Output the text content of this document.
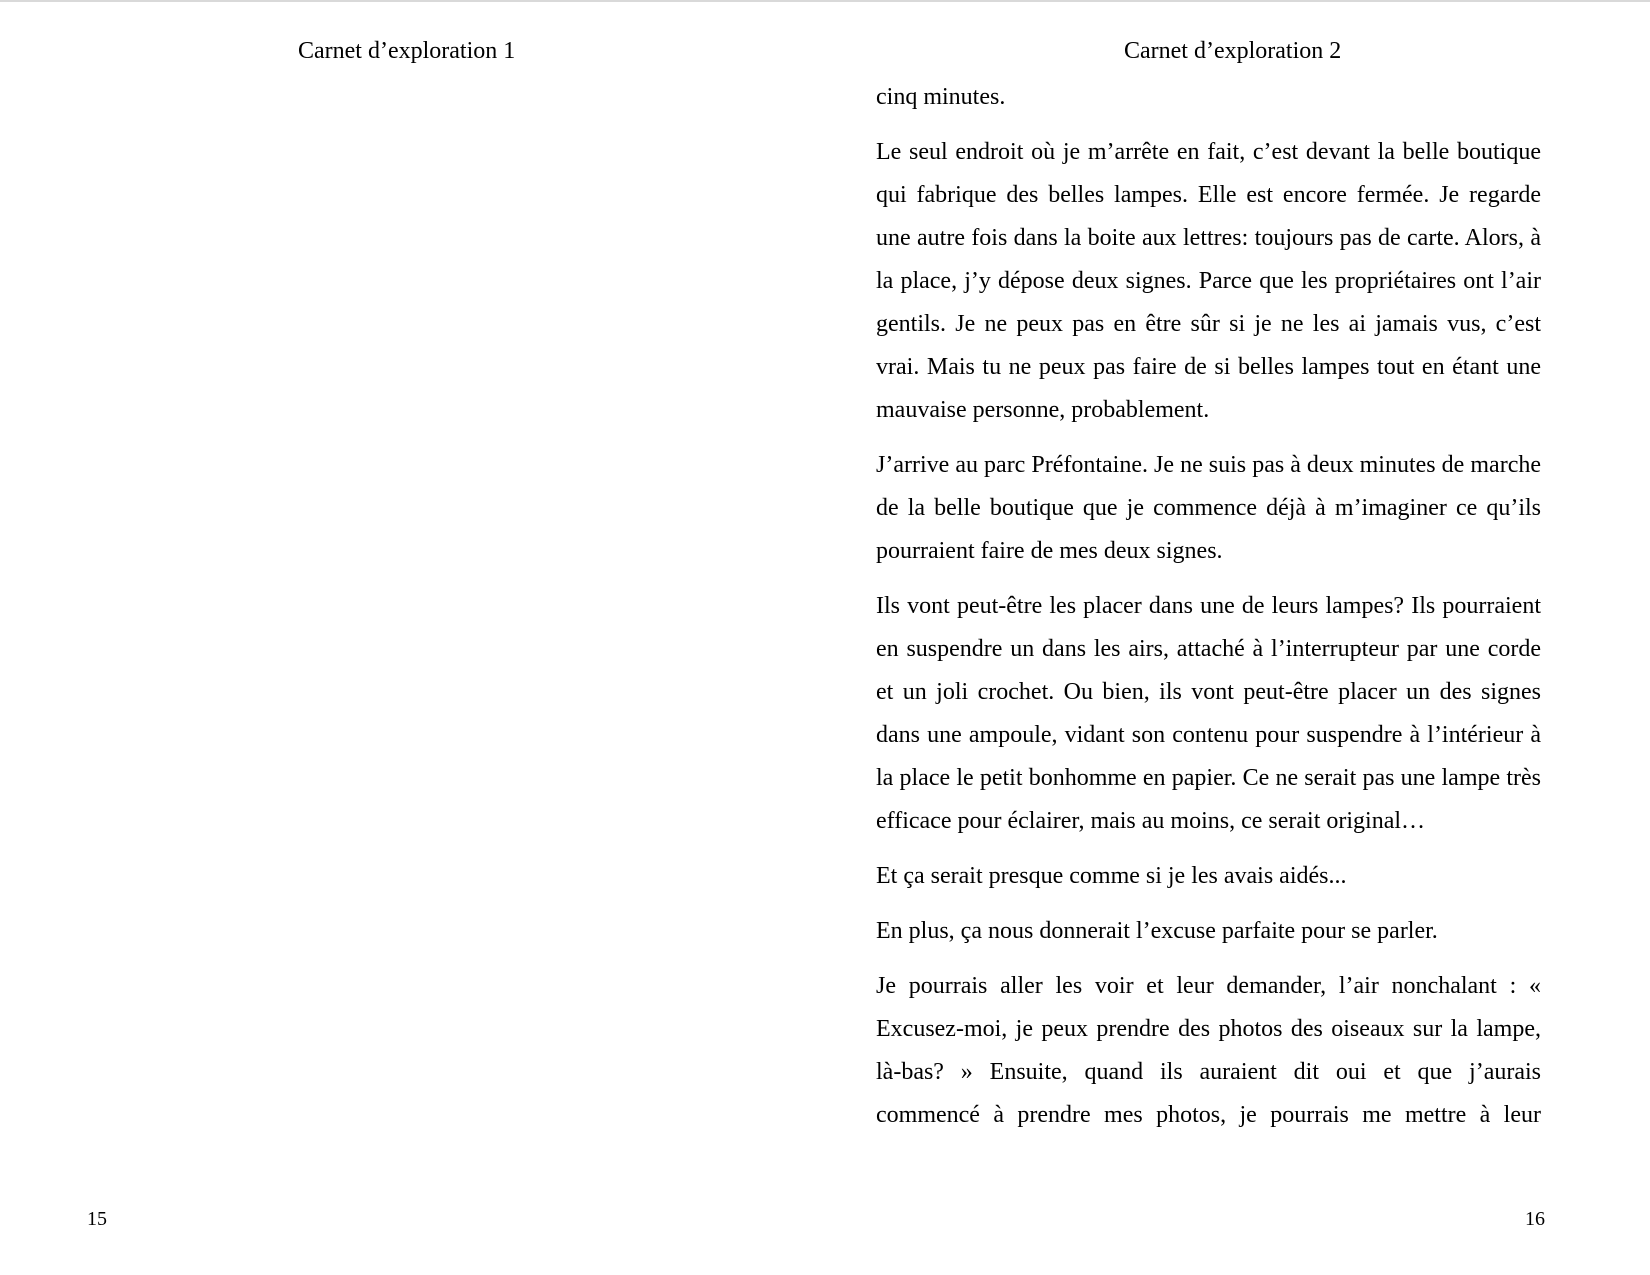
Carnet d’exploration 1
15
Carnet d’exploration 2

cinq minutes.

Le seul endroit où je m’arrête en fait, c’est devant la belle boutique qui fabrique des belles lampes. Elle est encore fermée. Je regarde une autre fois dans la boite aux lettres: toujours pas de carte. Alors, à la place, j’y dépose deux signes. Parce que les propriétaires ont l’air gentils. Je ne peux pas en être sûr si je ne les ai jamais vus, c’est vrai. Mais tu ne peux pas faire de si belles lampes tout en étant une mauvaise personne, probablement.

J’arrive au parc Préfontaine. Je ne suis pas à deux minutes de marche de la belle boutique que je commence déjà à m’imaginer ce qu’ils pourraient faire de mes deux signes.

Ils vont peut-être les placer dans une de leurs lampes? Ils pourraient en suspendre un dans les airs, attaché à l’interrupteur par une corde et un joli crochet. Ou bien, ils vont peut-être placer un des signes dans une ampoule, vidant son contenu pour suspendre à l’intérieur à la place le petit bonhomme en papier. Ce ne serait pas une lampe très efficace pour éclairer, mais au moins, ce serait original…

Et ça serait presque comme si je les avais aidés...

En plus, ça nous donnerait l’excuse parfaite pour se parler.

Je pourrais aller les voir et leur demander, l’air nonchalant : « Excusez-moi, je peux prendre des photos des oiseaux sur la lampe, là-bas? » Ensuite, quand ils auraient dit oui et que j’aurais commencé à prendre mes photos, je pourrais me mettre à leur

16
